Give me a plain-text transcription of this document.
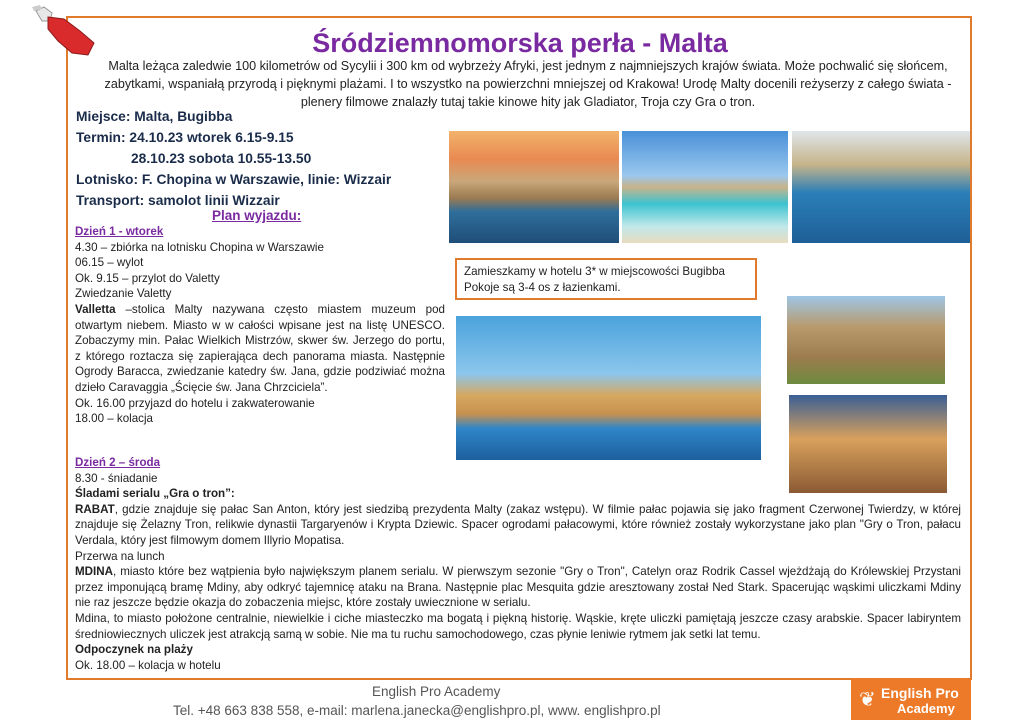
Śródziemnomorska perła - Malta

Malta leżąca zaledwie 100 kilometrów od Sycylii i 300 km od wybrzeży Afryki, jest jednym z najmniejszych krajów świata. Może pochwalić się słońcem, zabytkami, wspaniałą przyrodą i pięknymi plażami. I to wszystko na powierzchni mniejszej od Krakowa! Urodę Malty docenili reżyserzy z całego świata - plenery filmowe znalazły tutaj takie kinowe hity jak Gladiator, Troja czy Gra o tron.

Miejsce: Malta, Bugibba
Termin: 24.10.23 wtorek 6.15-9.15
28.10.23 sobota 10.55-13.50
Lotnisko: F. Chopina w Warszawie, linie: Wizzair
Transport: samolot linii Wizzair
Plan wyjazdu:
Dzień 1 - wtorek
4.30 – zbiórka na lotnisku Chopina w Warszawie
06.15 – wylot
Ok. 9.15 – przylot do Valetty
Zwiedzanie Valetty

Valletta –stolica Malty nazywana często miastem muzeum pod otwartym niebem. Miasto w w całości wpisane jest na listę UNESCO. Zobaczymy min. Pałac Wielkich Mistrzów, skwer św. Jerzego do portu, z którego roztacza się zapierająca dech panorama miasta. Następnie Ogrody Baracca, zwiedzanie katedry św. Jana, gdzie podziwiać można dzieło Caravaggia „Ścięcie św. Jana Chrzciciela”.

Ok. 16.00 przyjazd do hotelu i zakwaterowanie
18.00 – kolacja
Zamieszkamy w hotelu 3* w miejscowości Bugibba
Pokoje są 3-4 os z łazienkami.
Dzień 2 – środa
8.30 - śniadanie
Śladami serialu „Gra o tron”:

RABAT, gdzie znajduje się pałac San Anton, który jest siedzibą prezydenta Malty (zakaz wstępu). W filmie pałac pojawia się jako fragment Czerwonej Twierdzy, w której znajduje się Żelazny Tron, relikwie dynastii Targaryenów i Krypta Dziewic. Spacer ogrodami pałacowymi, które również zostały wykorzystane jako plan "Gry o Tron, pałacu Verdala, który jest filmowym domem Illyrio Mopatisa.

Przerwa na lunch

MDINA, miasto które bez wątpienia było największym planem serialu. W pierwszym sezonie "Gry o Tron", Catelyn oraz Rodrik Cassel wjeżdżają do Królewskiej Przystani przez imponującą bramę Mdiny, aby odkryć tajemnicę ataku na Brana. Następnie plac Mesquita gdzie aresztowany został Ned Stark. Spacerując wąskimi uliczkami Mdiny nie raz jeszcze będzie okazja do zobaczenia miejsc, które zostały uwiecznione w serialu.

Mdina, to miasto położone centralnie, niewielkie i ciche miasteczko ma bogatą i piękną historię. Wąskie, kręte uliczki pamiętają jeszcze czasy arabskie. Spacer labiryntem średniowiecznych uliczek jest atrakcją samą w sobie. Nie ma tu ruchu samochodowego, czas płynie leniwie rytmem jak setki lat temu.

Odpoczynek na plaży
Ok. 18.00 – kolacja w hotelu
English Pro Academy
Tel. +48 663 838 558, e-mail: marlena.janecka@englishpro.pl, www. englishpro.pl	❦ English Pro
Academy
